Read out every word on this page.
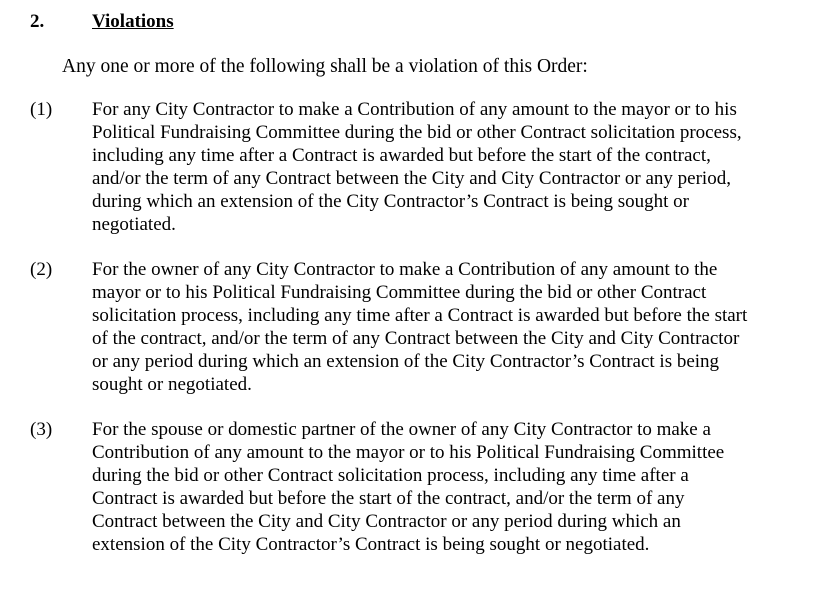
2.	Violations
Any one or more of the following shall be a violation of this Order:
(1) For any City Contractor to make a Contribution of any amount to the mayor or to his
Political Fundraising Committee during the bid or other Contract solicitation process,
including any time after a Contract is awarded but before the start of the contract,
and/or the term of any Contract between the City and City Contractor or any period,
during which an extension of the City Contractor’s Contract is being sought or
negotiated.
(2) For the owner of any City Contractor to make a Contribution of any amount to the
mayor or to his Political Fundraising Committee during the bid or other Contract
solicitation process, including any time after a Contract is awarded but before the start
of the contract, and/or the term of any Contract between the City and City Contractor
or any period during which an extension of the City Contractor’s Contract is being
sought or negotiated.
(3) For the spouse or domestic partner of the owner of any City Contractor to make a
Contribution of any amount to the mayor or to his Political Fundraising Committee
during the bid or other Contract solicitation process, including any time after a
Contract is awarded but before the start of the contract, and/or the term of any
Contract between the City and City Contractor or any period during which an
extension of the City Contractor’s Contract is being sought or negotiated.
